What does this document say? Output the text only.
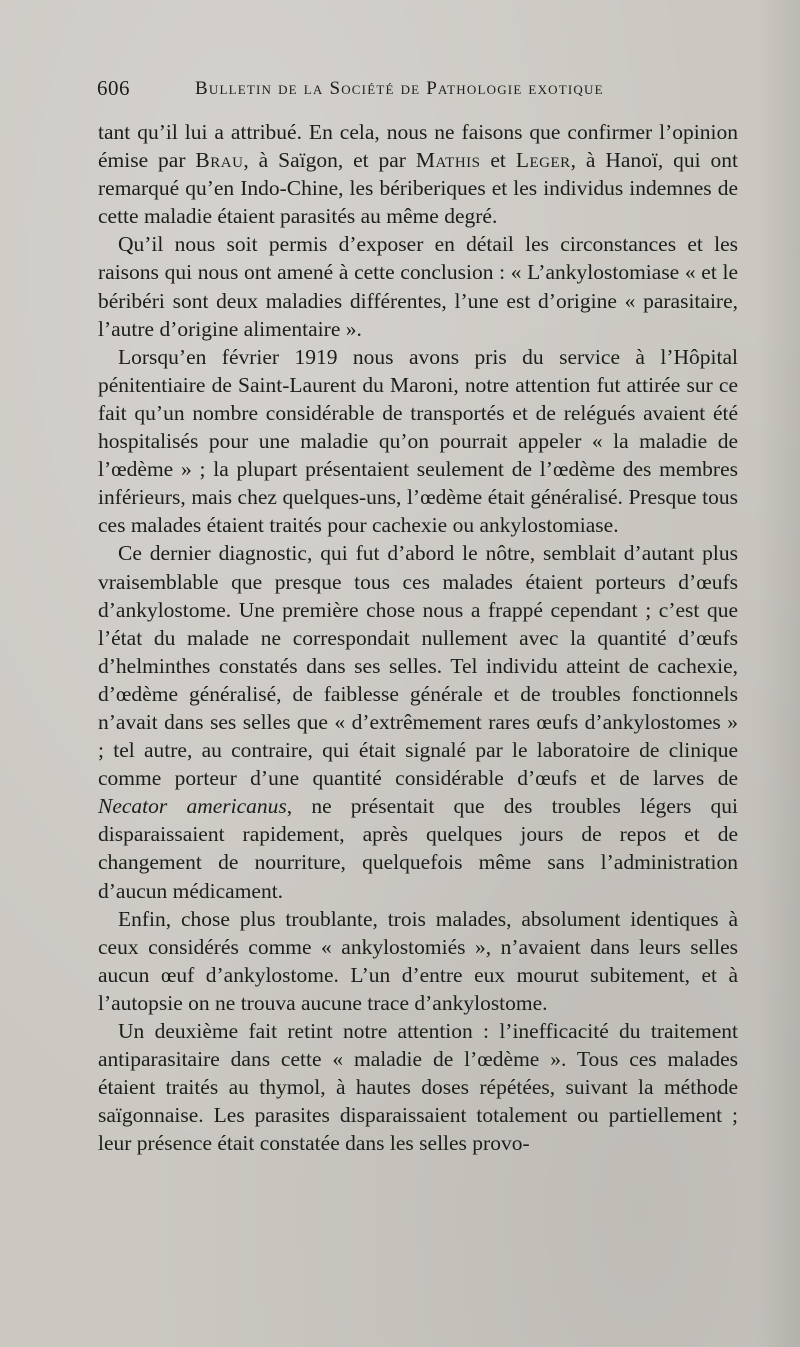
606	Bulletin de la Société de Pathologie exotique

tant qu’il lui a attribué. En cela, nous ne faisons que confirmer l’opinion émise par Brau, à Saïgon, et par Mathis et Leger, à Hanoï, qui ont remarqué qu’en Indo-Chine, les bériberiques et les individus indemnes de cette maladie étaient parasités au même degré.

Qu’il nous soit permis d’exposer en détail les circonstances et les raisons qui nous ont amené à cette conclusion : « L’ankylostomiase « et le béribéri sont deux maladies différentes, l’une est d’origine « parasitaire, l’autre d’origine alimentaire ».

Lorsqu’en février 1919 nous avons pris du service à l’Hôpital pénitentiaire de Saint-Laurent du Maroni, notre attention fut attirée sur ce fait qu’un nombre considérable de transportés et de relégués avaient été hospitalisés pour une maladie qu’on pourrait appeler « la maladie de l’œdème » ; la plupart présentaient seulement de l’œdème des membres inférieurs, mais chez quelques-uns, l’œdème était généralisé. Presque tous ces malades étaient traités pour cachexie ou ankylostomiase.

Ce dernier diagnostic, qui fut d’abord le nôtre, semblait d’autant plus vraisemblable que presque tous ces malades étaient porteurs d’œufs d’ankylostome. Une première chose nous a frappé cependant ; c’est que l’état du malade ne correspondait nullement avec la quantité d’œufs d’helminthes constatés dans ses selles. Tel individu atteint de cachexie, d’œdème généralisé, de faiblesse générale et de troubles fonctionnels n’avait dans ses selles que « d’extrêmement rares œufs d’ankylostomes » ; tel autre, au contraire, qui était signalé par le laboratoire de clinique comme porteur d’une quantité considérable d’œufs et de larves de Necator americanus, ne présentait que des troubles légers qui disparaissaient rapidement, après quelques jours de repos et de changement de nourriture, quelquefois même sans l’administration d’aucun médicament.

Enfin, chose plus troublante, trois malades, absolument identiques à ceux considérés comme « ankylostomiés », n’avaient dans leurs selles aucun œuf d’ankylostome. L’un d’entre eux mourut subitement, et à l’autopsie on ne trouva aucune trace d’ankylostome.

Un deuxième fait retint notre attention : l’inefficacité du traitement antiparasitaire dans cette « maladie de l’œdème ». Tous ces malades étaient traités au thymol, à hautes doses répétées, suivant la méthode saïgonnaise. Les parasites disparaissaient totalement ou partiellement ; leur présence était constatée dans les selles provo-
